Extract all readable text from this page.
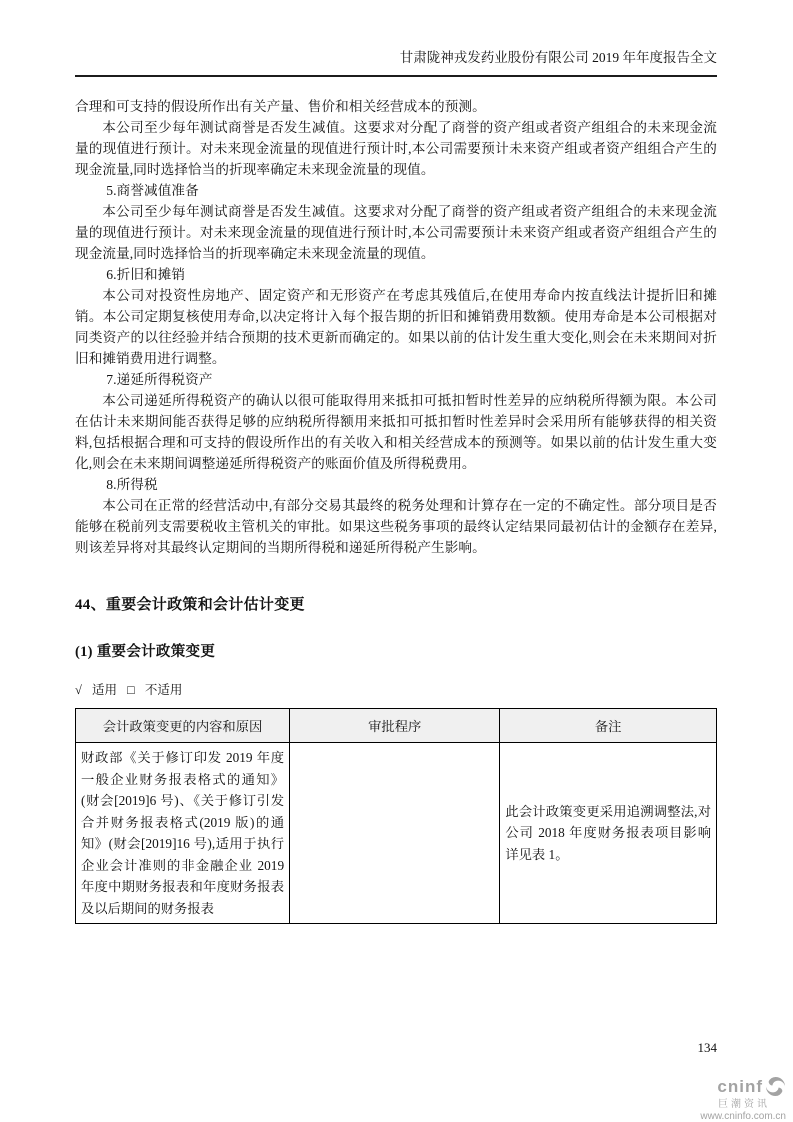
甘肃陇神戎发药业股份有限公司 2019 年年度报告全文

合理和可支持的假设所作出有关产量、售价和相关经营成本的预测。

本公司至少每年测试商誉是否发生减值。这要求对分配了商誉的资产组或者资产组组合的未来现金流量的现值进行预计。对未来现金流量的现值进行预计时,本公司需要预计未来资产组或者资产组组合产生的现金流量,同时选择恰当的折现率确定未来现金流量的现值。

5.商誉减值准备

本公司至少每年测试商誉是否发生减值。这要求对分配了商誉的资产组或者资产组组合的未来现金流量的现值进行预计。对未来现金流量的现值进行预计时,本公司需要预计未来资产组或者资产组组合产生的现金流量,同时选择恰当的折现率确定未来现金流量的现值。

6.折旧和摊销

本公司对投资性房地产、固定资产和无形资产在考虑其残值后,在使用寿命内按直线法计提折旧和摊销。本公司定期复核使用寿命,以决定将计入每个报告期的折旧和摊销费用数额。使用寿命是本公司根据对同类资产的以往经验并结合预期的技术更新而确定的。如果以前的估计发生重大变化,则会在未来期间对折旧和摊销费用进行调整。

7.递延所得税资产

本公司递延所得税资产的确认以很可能取得用来抵扣可抵扣暂时性差异的应纳税所得额为限。本公司在估计未来期间能否获得足够的应纳税所得额用来抵扣可抵扣暂时性差异时会采用所有能够获得的相关资料,包括根据合理和可支持的假设所作出的有关收入和相关经营成本的预测等。如果以前的估计发生重大变化,则会在未来期间调整递延所得税资产的账面价值及所得税费用。

8.所得税

本公司在正常的经营活动中,有部分交易其最终的税务处理和计算存在一定的不确定性。部分项目是否能够在税前列支需要税收主管机关的审批。如果这些税务事项的最终认定结果同最初估计的金额存在差异,则该差异将对其最终认定期间的当期所得税和递延所得税产生影响。

44、重要会计政策和会计估计变更
(1) 重要会计政策变更
√ 适用 □ 不适用
会计政策变更的内容和原因	审批程序	备注
财政部《关于修订印发 2019 年度一般企业财务报表格式的通知》(财会[2019]6 号)、《关于修订引发合并财务报表格式(2019 版)的通知》(财会[2019]16 号),适用于执行企业会计准则的非金融企业 2019 年度中期财务报表和年度财务报表及以后期间的财务报表		此会计政策变更采用追溯调整法,对公司 2018 年度财务报表项目影响详见表 1。
134
cninf
巨潮资讯
www.cninfo.com.cn
